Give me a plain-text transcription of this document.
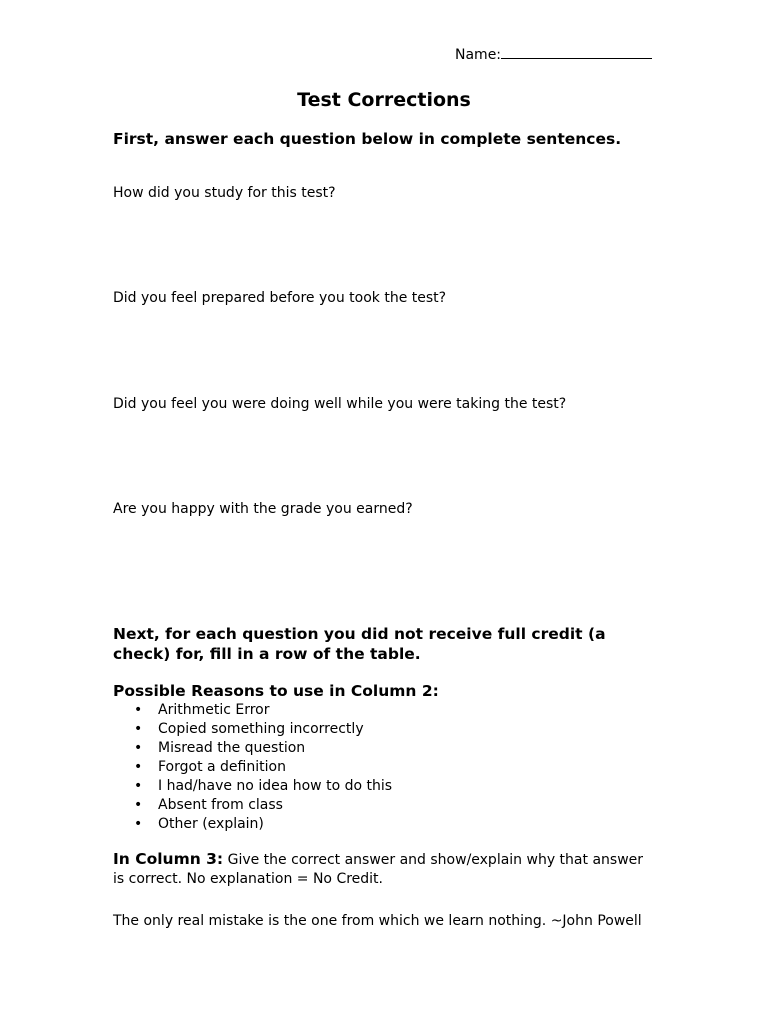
Name:
Test Corrections

First, answer each question below in complete sentences.

How did you study for this test?

Did you feel prepared before you took the test?

Did you feel you were doing well while you were taking the test?

Are you happy with the grade you earned?

Next, for each question you did not receive full credit (a check) for, fill in a row of the table.

Possible Reasons to use in Column 2:

• Arithmetic Error
• Copied something incorrectly
• Misread the question
• Forgot a definition
• I had/have no idea how to do this
• Absent from class
• Other (explain)

In Column 3: Give the correct answer and show/explain why that answer is correct. No explanation = No Credit.

The only real mistake is the one from which we learn nothing. ~John Powell
